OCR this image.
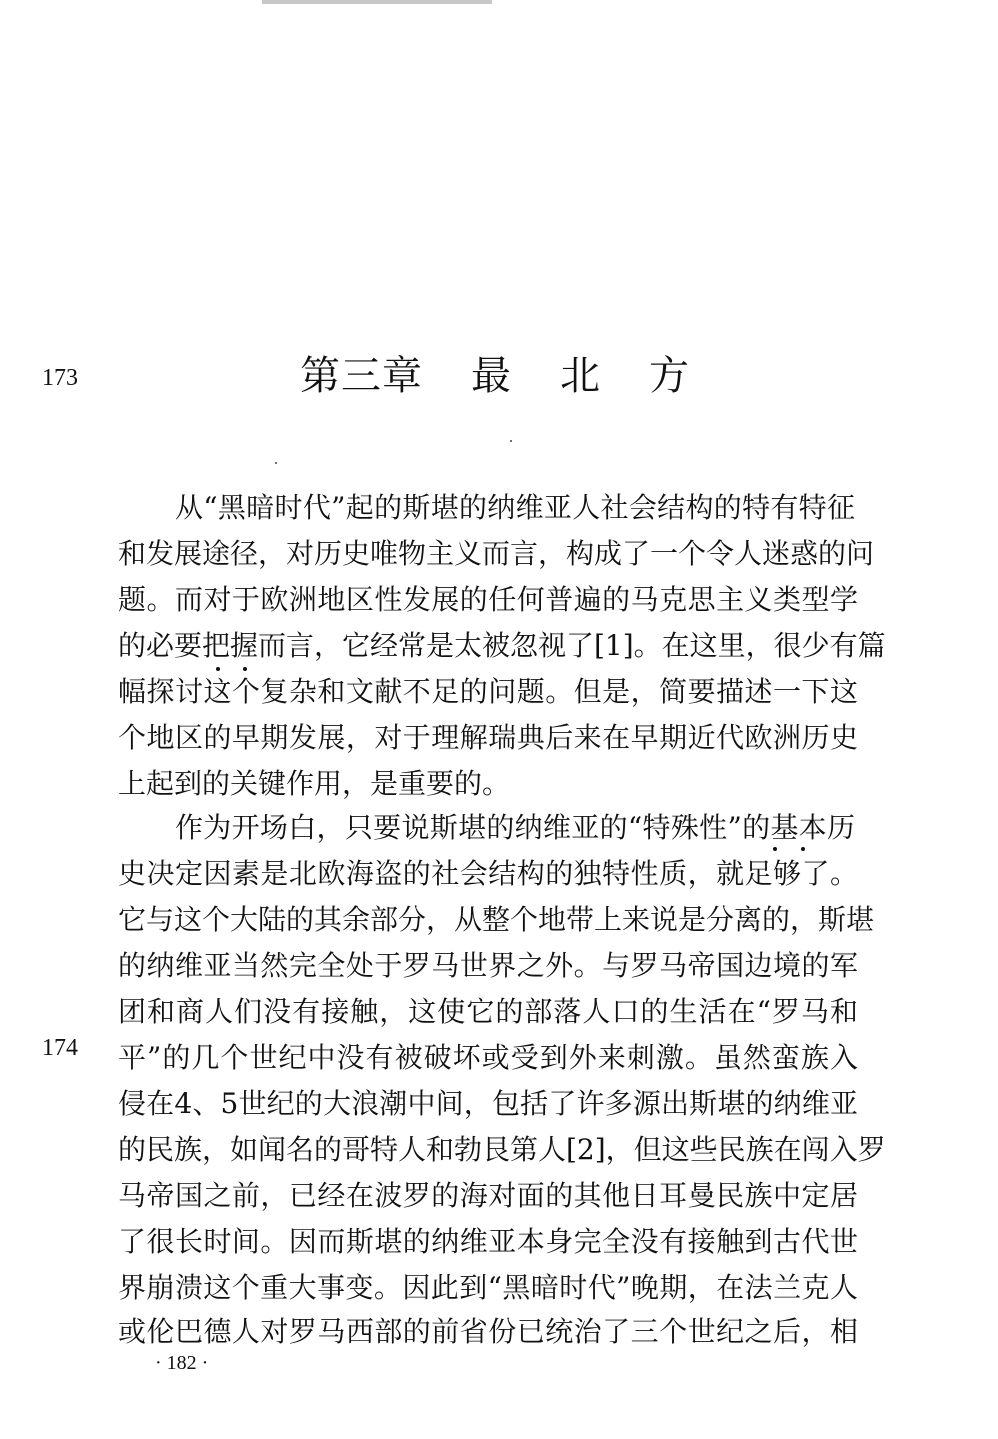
173	第三章 最 北 方
从“黑暗时代”起的斯堪的纳维亚人社会结构的特有特征
和发展途径，对历史唯物主义而言，构成了一个令人迷惑的问
题。而对于欧洲地区性发展的任何普遍的马克思主义类型学
的必要把握而言，它经常是太被忽视了[1]。在这里，很少有篇
幅探讨这个复杂和文献不足的问题。但是，简要描述一下这
个地区的早期发展，对于理解瑞典后来在早期近代欧洲历史
上起到的关键作用，是重要的。
作为开场白，只要说斯堪的纳维亚的“特殊性”的基本历
史决定因素是北欧海盗的社会结构的独特性质，就足够了。
它与这个大陆的其余部分，从整个地带上来说是分离的，斯堪
的纳维亚当然完全处于罗马世界之外。与罗马帝国边境的军
团和商人们没有接触，这使它的部落人口的生活在“罗马和
平”的几个世纪中没有被破坏或受到外来刺激。虽然蛮族入
侵在4、5世纪的大浪潮中间，包括了许多源出斯堪的纳维亚
的民族，如闻名的哥特人和勃艮第人[2]，但这些民族在闯入罗
马帝国之前，已经在波罗的海对面的其他日耳曼民族中定居
了很长时间。因而斯堪的纳维亚本身完全没有接触到古代世
界崩溃这个重大事变。因此到“黑暗时代”晚期，在法兰克人
或伦巴德人对罗马西部的前省份已统治了三个世纪之后，相
174
· 182 ·
